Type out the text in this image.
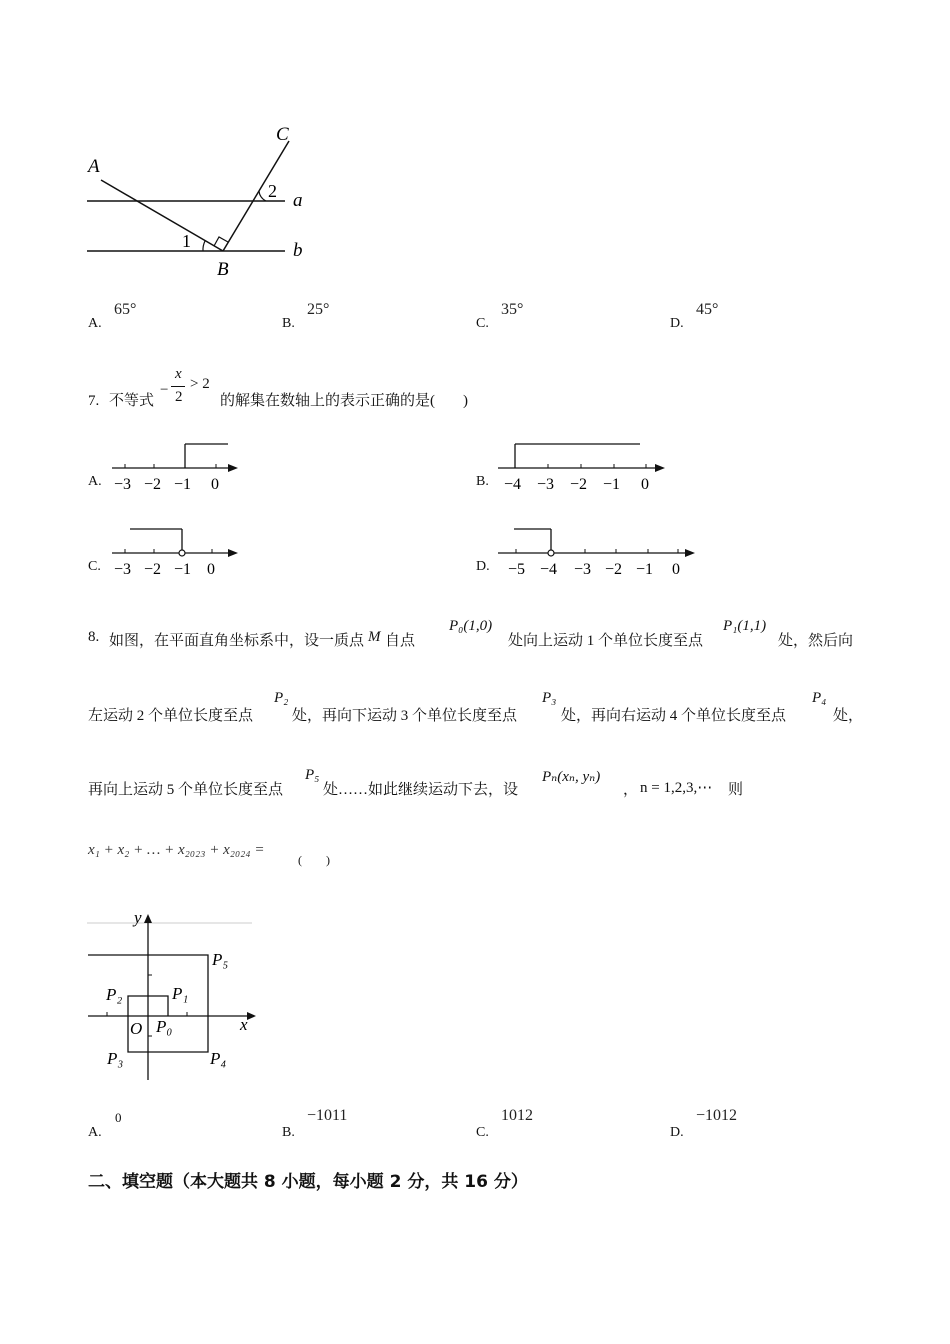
A
C
a
b
B
1
2
A.
65°
B.
25°
C.
35°
D.
45°
7. 不等式
−
x
2
> 2
的解集在数轴上的表示正确的是( )
A. −3 −2 −1 0	B. −4 −3 −2 −1 0
C. −3 −2 −1 0	D. −5 −4 −3 −2 −1 0
8. 如图，在平面直角坐标系中，设一质点 M 自点
P₀(1,0)
处向上运动 1 个单位长度至点
P₁(1,1)
处，然后向
左运动 2 个单位长度至点
P₂
处，再向下运动 3 个单位长度至点
P₃
处，再向右运动 4 个单位长度至点
P₄
处，
再向上运动 5 个单位长度至点
P₅
处……如此继续运动下去，设
Pₙ(xₙ, yₙ)
， n = 1,2,3,⋯ 则
x₁ + x₂ + … + x₂₀₂₃ + x₂₀₂₄ =
(        )
y
x
O P₀
P₁
P₂
P₃	P₄
P₅
A.
0
B.
−1011
C.
1012
D.
−1012
二、填空题（本大题共 8 小题，每小题 2 分，共 16 分）
